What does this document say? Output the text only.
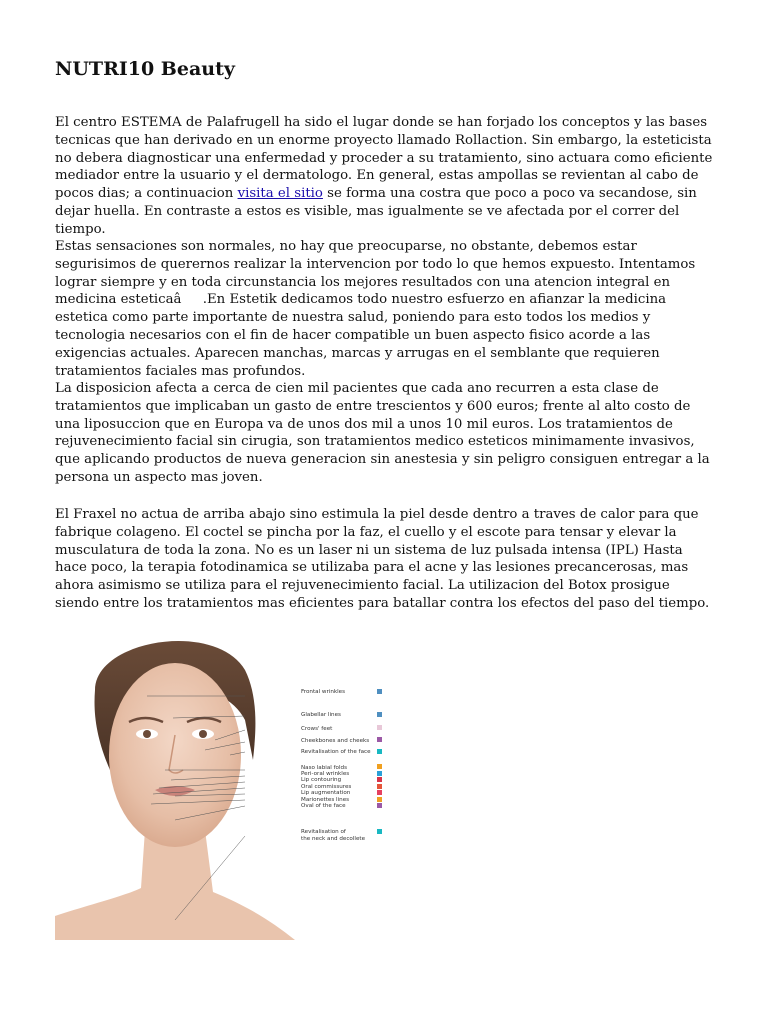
NUTRI10 Beauty

El centro ESTEMA de Palafrugell ha sido el lugar donde se han forjado los conceptos y las bases tecnicas que han derivado en un enorme proyecto llamado Rollaction. Sin embargo, la esteticista no debera diagnosticar una enfermedad y proceder a su tratamiento, sino actuara como eficiente mediador entre la usuario y el dermatologo. En general, estas ampollas se revientan al cabo de pocos dias; a continuacion visita el sitio se forma una costra que poco a poco va secandose, sin dejar huella. En contraste a estos es visible, mas igualmente se ve afectada por el correr del tiempo.

Estas sensaciones son normales, no hay que preocuparse, no obstante, debemos estar segurisimos de querernos realizar la intervencion por todo lo que hemos expuesto. Intentamos lograr siempre y en toda circunstancia los mejores resultados con una atencion integral en medicina esteticaâ.En Estetik dedicamos todo nuestro esfuerzo en afianzar la medicina estetica como parte importante de nuestra salud, poniendo para esto todos los medios y tecnologia necesarios con el fin de hacer compatible un buen aspecto fisico acorde a las exigencias actuales. Aparecen manchas, marcas y arrugas en el semblante que requieren tratamientos faciales mas profundos.

La disposicion afecta a cerca de cien mil pacientes que cada ano recurren a esta clase de tratamientos que implicaban un gasto de entre trescientos y 600 euros; frente al alto costo de una liposuccion que en Europa va de unos dos mil a unos 10 mil euros. Los tratamientos de rejuvenecimiento facial sin cirugia, son tratamientos medico esteticos minimamente invasivos, que aplicando productos de nueva generacion sin anestesia y sin peligro consiguen entregar a la persona un aspecto mas joven.

El Fraxel no actua de arriba abajo sino estimula la piel desde dentro a traves de calor para que fabrique colageno. El coctel se pincha por la faz, el cuello y el escote para tensar y elevar la musculatura de toda la zona. No es un laser ni un sistema de luz pulsada intensa (IPL) Hasta hace poco, la terapia fotodinamica se utilizaba para el acne y las lesiones precancerosas, mas ahora asimismo se utiliza para el rejuvenecimiento facial. La utilizacion del Botox prosigue siendo entre los tratamientos mas eficientes para batallar contra los efectos del paso del tiempo.

Frontal wrinkles
Glabellar lines
Crows' feet
Cheekbones and cheeks
Revitalisation of the face
Naso labial folds
Peri-oral wrinkles
Lip contouring
Oral commissures
Lip augmentation
Marionettes lines
Oval of the face
Revitalisation of
the neck and decollete
